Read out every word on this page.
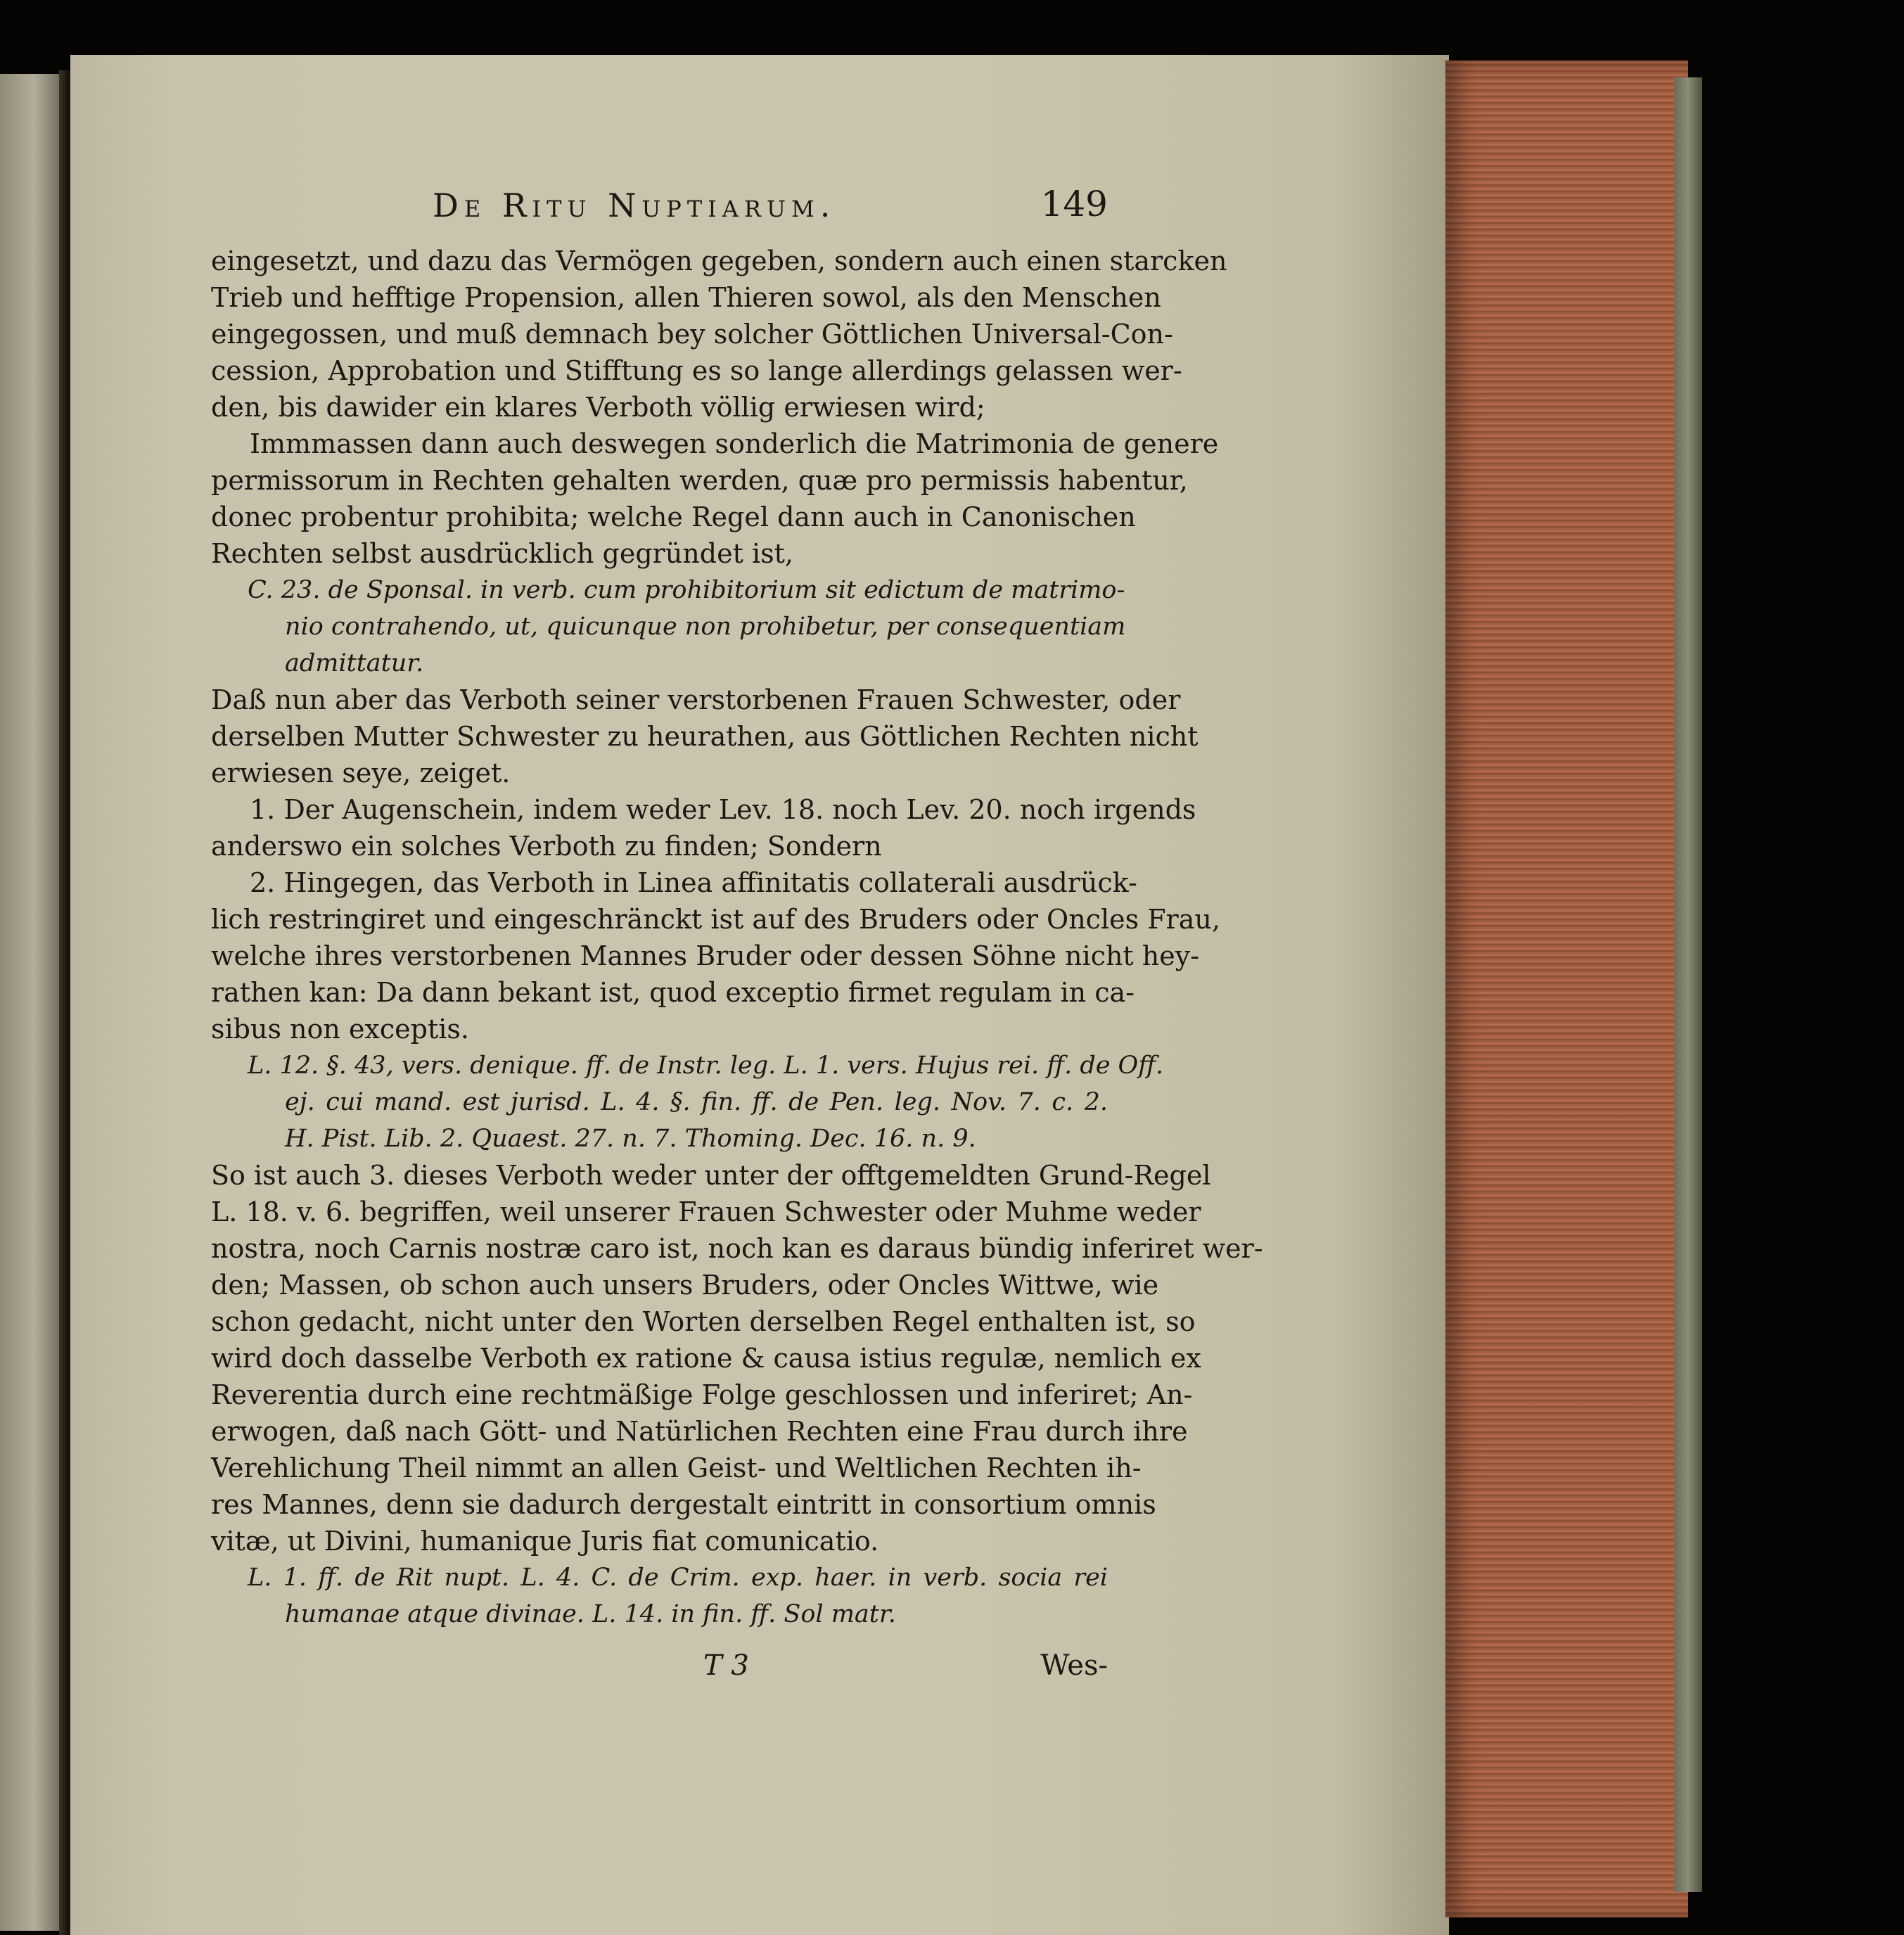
De Ritu Nuptiarum.	149
eingesetzt, und dazu das Vermögen gegeben, sondern auch einen starcken
Trieb und hefftige Propension, allen Thieren sowol, als den Menschen
eingegossen, und muß demnach bey solcher Göttlichen Universal-Con-
cession, Approbation und Stifftung es so lange allerdings gelassen wer-
den, bis dawider ein klares Verboth völlig erwiesen wird;
Immmassen dann auch deswegen sonderlich die Matrimonia de genere
permissorum in Rechten gehalten werden, quæ pro permissis habentur,
donec probentur prohibita; welche Regel dann auch in Canonischen
Rechten selbst ausdrücklich gegründet ist,
C. 23. de Sponsal. in verb. cum prohibitorium sit edictum de matrimo-
nio contrahendo, ut, quicunque non prohibetur, per consequentiam
admittatur.
Daß nun aber das Verboth seiner verstorbenen Frauen Schwester, oder
derselben Mutter Schwester zu heurathen, aus Göttlichen Rechten nicht
erwiesen seye, zeiget.
1. Der Augenschein, indem weder Lev. 18. noch Lev. 20. noch irgends
anderswo ein solches Verboth zu finden; Sondern
2. Hingegen, das Verboth in Linea affinitatis collaterali ausdrück-
lich restringiret und eingeschränckt ist auf des Bruders oder Oncles Frau,
welche ihres verstorbenen Mannes Bruder oder dessen Söhne nicht hey-
rathen kan: Da dann bekant ist, quod exceptio firmet regulam in ca-
sibus non exceptis.
L. 12. §. 43, vers. denique. ff. de Instr. leg. L. 1. vers. Hujus rei. ff. de Off.
ej. cui mand. est jurisd. L. 4. §. fin. ff. de Pen. leg. Nov. 7. c. 2.
H. Pist. Lib. 2. Quaest. 27. n. 7. Thoming. Dec. 16. n. 9.
So ist auch 3. dieses Verboth weder unter der offtgemeldten Grund-Regel
L. 18. v. 6. begriffen, weil unserer Frauen Schwester oder Muhme weder
nostra, noch Carnis nostræ caro ist, noch kan es daraus bündig inferiret wer-
den; Massen, ob schon auch unsers Bruders, oder Oncles Wittwe, wie
schon gedacht, nicht unter den Worten derselben Regel enthalten ist, so
wird doch dasselbe Verboth ex ratione & causa istius regulæ, nemlich ex
Reverentia durch eine rechtmäßige Folge geschlossen und inferiret; An-
erwogen, daß nach Gött- und Natürlichen Rechten eine Frau durch ihre
Verehlichung Theil nimmt an allen Geist- und Weltlichen Rechten ih-
res Mannes, denn sie dadurch dergestalt eintritt in consortium omnis
vitæ, ut Divini, humanique Juris fiat comunicatio.
L. 1. ff. de Rit nupt. L. 4. C. de Crim. exp. haer. in verb. socia rei
humanae atque divinae. L. 14. in fin. ff. Sol matr.
T 3	Wes-
